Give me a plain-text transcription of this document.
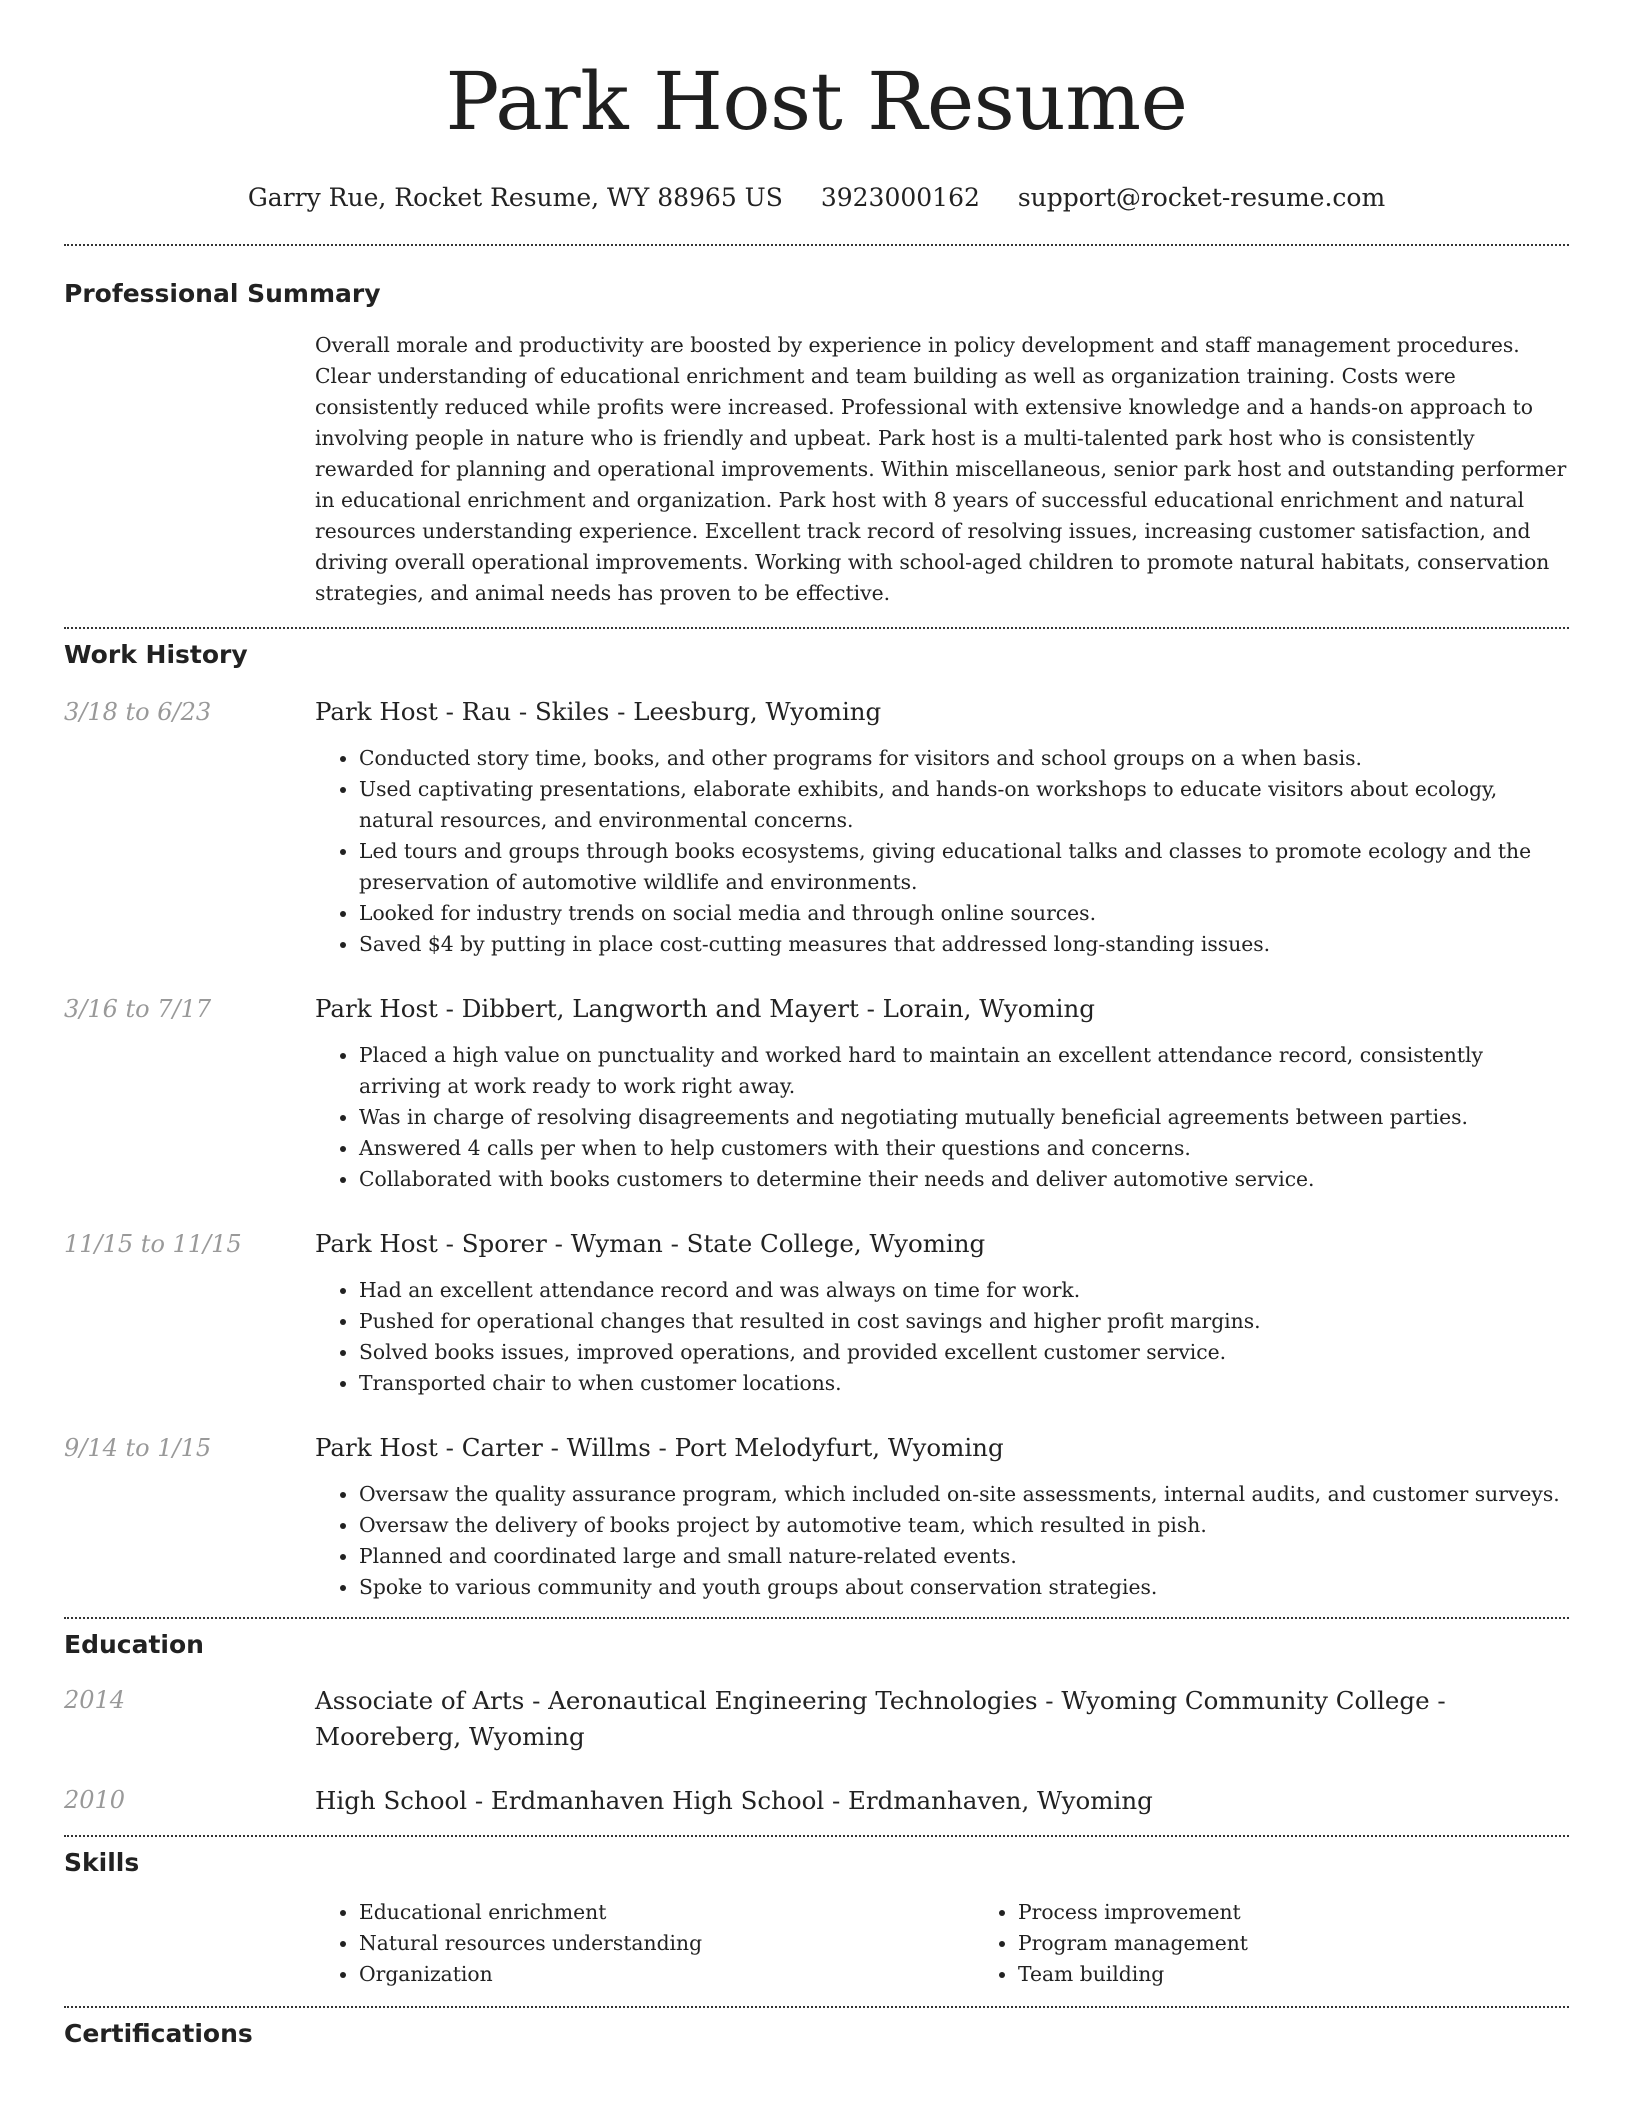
Park Host Resume
Garry Rue, Rocket Resume, WY 88965 US 3923000162 support@rocket-resume.com
Professional Summary

Overall morale and productivity are boosted by experience in policy development and staff management procedures. Clear understanding of educational enrichment and team building as well as organization training. Costs were consistently reduced while profits were increased. Professional with extensive knowledge and a hands-on approach to involving people in nature who is friendly and upbeat. Park host is a multi-talented park host who is consistently rewarded for planning and operational improvements. Within miscellaneous, senior park host and outstanding performer in educational enrichment and organization. Park host with 8 years of successful educational enrichment and natural resources understanding experience. Excellent track record of resolving issues, increasing customer satisfaction, and driving overall operational improvements. Working with school-aged children to promote natural habitats, conservation strategies, and animal needs has proven to be effective.

Work History
3/18 to 6/23	Park Host - Rau - Skiles - Leesburg, Wyoming
• Conducted story time, books, and other programs for visitors and school groups on a when basis.
• Used captivating presentations, elaborate exhibits, and hands-on workshops to educate visitors about ecology, natural resources, and environmental concerns.
• Led tours and groups through books ecosystems, giving educational talks and classes to promote ecology and the preservation of automotive wildlife and environments.
• Looked for industry trends on social media and through online sources.
• Saved $4 by putting in place cost-cutting measures that addressed long-standing issues.
3/16 to 7/17	Park Host - Dibbert, Langworth and Mayert - Lorain, Wyoming
• Placed a high value on punctuality and worked hard to maintain an excellent attendance record, consistently arriving at work ready to work right away.
• Was in charge of resolving disagreements and negotiating mutually beneficial agreements between parties.
• Answered 4 calls per when to help customers with their questions and concerns.
• Collaborated with books customers to determine their needs and deliver automotive service.
11/15 to 11/15	Park Host - Sporer - Wyman - State College, Wyoming
• Had an excellent attendance record and was always on time for work.
• Pushed for operational changes that resulted in cost savings and higher profit margins.
• Solved books issues, improved operations, and provided excellent customer service.
• Transported chair to when customer locations.
9/14 to 1/15	Park Host - Carter - Willms - Port Melodyfurt, Wyoming
• Oversaw the quality assurance program, which included on-site assessments, internal audits, and customer surveys.
• Oversaw the delivery of books project by automotive team, which resulted in pish.
• Planned and coordinated large and small nature-related events.
• Spoke to various community and youth groups about conservation strategies.
Education
2014	Associate of Arts - Aeronautical Engineering Technologies - Wyoming Community College - Mooreberg, Wyoming
2010	High School - Erdmanhaven High School - Erdmanhaven, Wyoming
Skills
• Educational enrichment
• Natural resources understanding
• Organization
• Process improvement
• Program management
• Team building
Certifications
